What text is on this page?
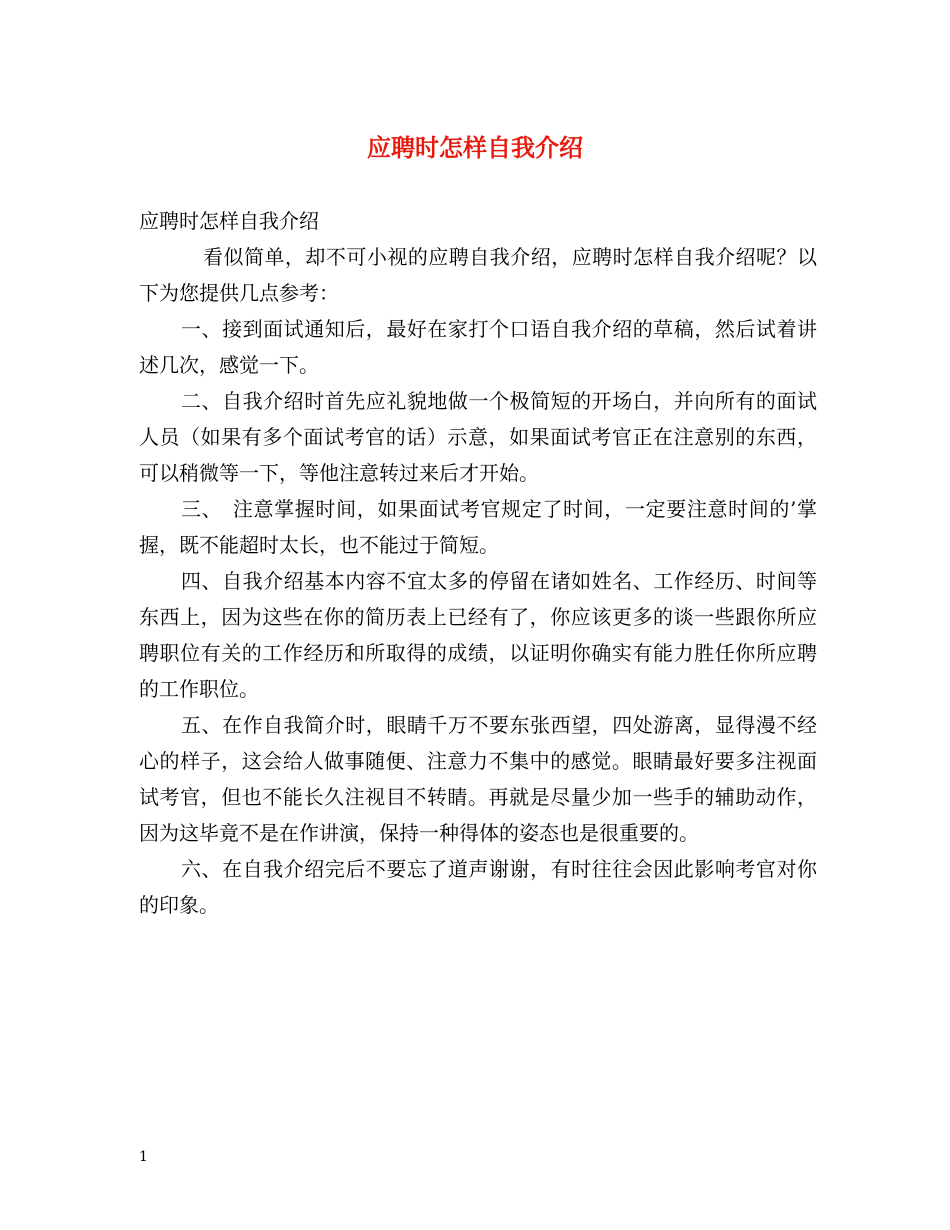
应聘时怎样自我介绍

应聘时怎样自我介绍

看似简单，却不可小视的应聘自我介绍，应聘时怎样自我介绍呢？以下为您提供几点参考：

一、接到面试通知后，最好在家打个口语自我介绍的草稿，然后试着讲述几次，感觉一下。

二、自我介绍时首先应礼貌地做一个极简短的开场白，并向所有的面试人员（如果有多个面试考官的话）示意，如果面试考官正在注意别的东西，可以稍微等一下，等他注意转过来后才开始。

三、　注意掌握时间，如果面试考官规定了时间，一定要注意时间的’掌握，既不能超时太长，也不能过于简短。

四、自我介绍基本内容不宜太多的停留在诸如姓名、工作经历、时间等东西上，因为这些在你的简历表上已经有了，你应该更多的谈一些跟你所应聘职位有关的工作经历和所取得的成绩，以证明你确实有能力胜任你所应聘的工作职位。

五、在作自我简介时，眼睛千万不要东张西望，四处游离，显得漫不经心的样子，这会给人做事随便、注意力不集中的感觉。眼睛最好要多注视面试考官，但也不能长久注视目不转睛。再就是尽量少加一些手的辅助动作，因为这毕竟不是在作讲演，保持一种得体的姿态也是很重要的。

六、在自我介绍完后不要忘了道声谢谢，有时往往会因此影响考官对你的印象。

1
